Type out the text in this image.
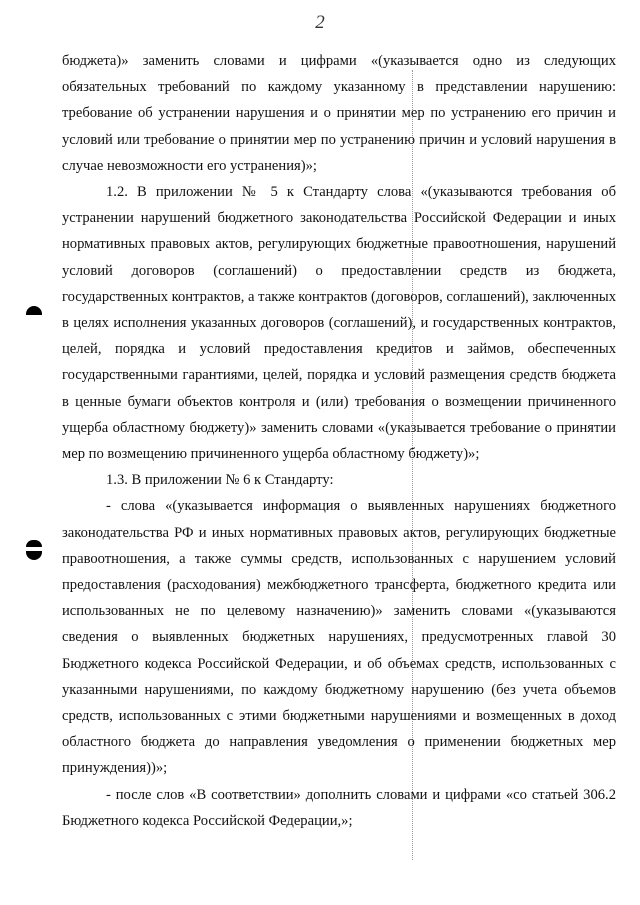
2

бюджета)» заменить словами и цифрами «(указывается одно из следующих обязательных требований по каждому указанному в представлении нарушению: требование об устранении нарушения и о принятии мер по устранению его причин и условий или требование о принятии мер по устранению причин и условий нарушения в случае невозможности его устранения)»;

1.2. В приложении № 5 к Стандарту слова «(указываются требования об устранении нарушений бюджетного законодательства Российской Федерации и иных нормативных правовых актов, регулирующих бюджетные правоотношения, нарушений условий договоров (соглашений) о предоставлении средств из бюджета, государственных контрактов, а также контрактов (договоров, соглашений), заключенных в целях исполнения указанных договоров (соглашений), и государственных контрактов, целей, порядка и условий предоставления кредитов и займов, обеспеченных государственными гарантиями, целей, порядка и условий размещения средств бюджета в ценные бумаги объектов контроля и (или) требования о возмещении причиненного ущерба областному бюджету)» заменить словами «(указывается требование о принятии мер по возмещению причиненного ущерба областному бюджету)»;

1.3. В приложении № 6 к Стандарту:

- слова «(указывается информация о выявленных нарушениях бюджетного законодательства РФ и иных нормативных правовых актов, регулирующих бюджетные правоотношения, а также суммы средств, использованных с нарушением условий предоставления (расходования) межбюджетного трансферта, бюджетного кредита или использованных не по целевому назначению)» заменить словами «(указываются сведения о выявленных бюджетных нарушениях, предусмотренных главой 30 Бюджетного кодекса Российской Федерации, и об объемах средств, использованных с указанными нарушениями, по каждому бюджетному нарушению (без учета объемов средств, использованных с этими бюджетными нарушениями и возмещенных в доход областного бюджета до направления уведомления о применении бюджетных мер принуждения))»;

- после слов «В соответствии» дополнить словами и цифрами «со статьей 306.2 Бюджетного кодекса Российской Федерации,»;
